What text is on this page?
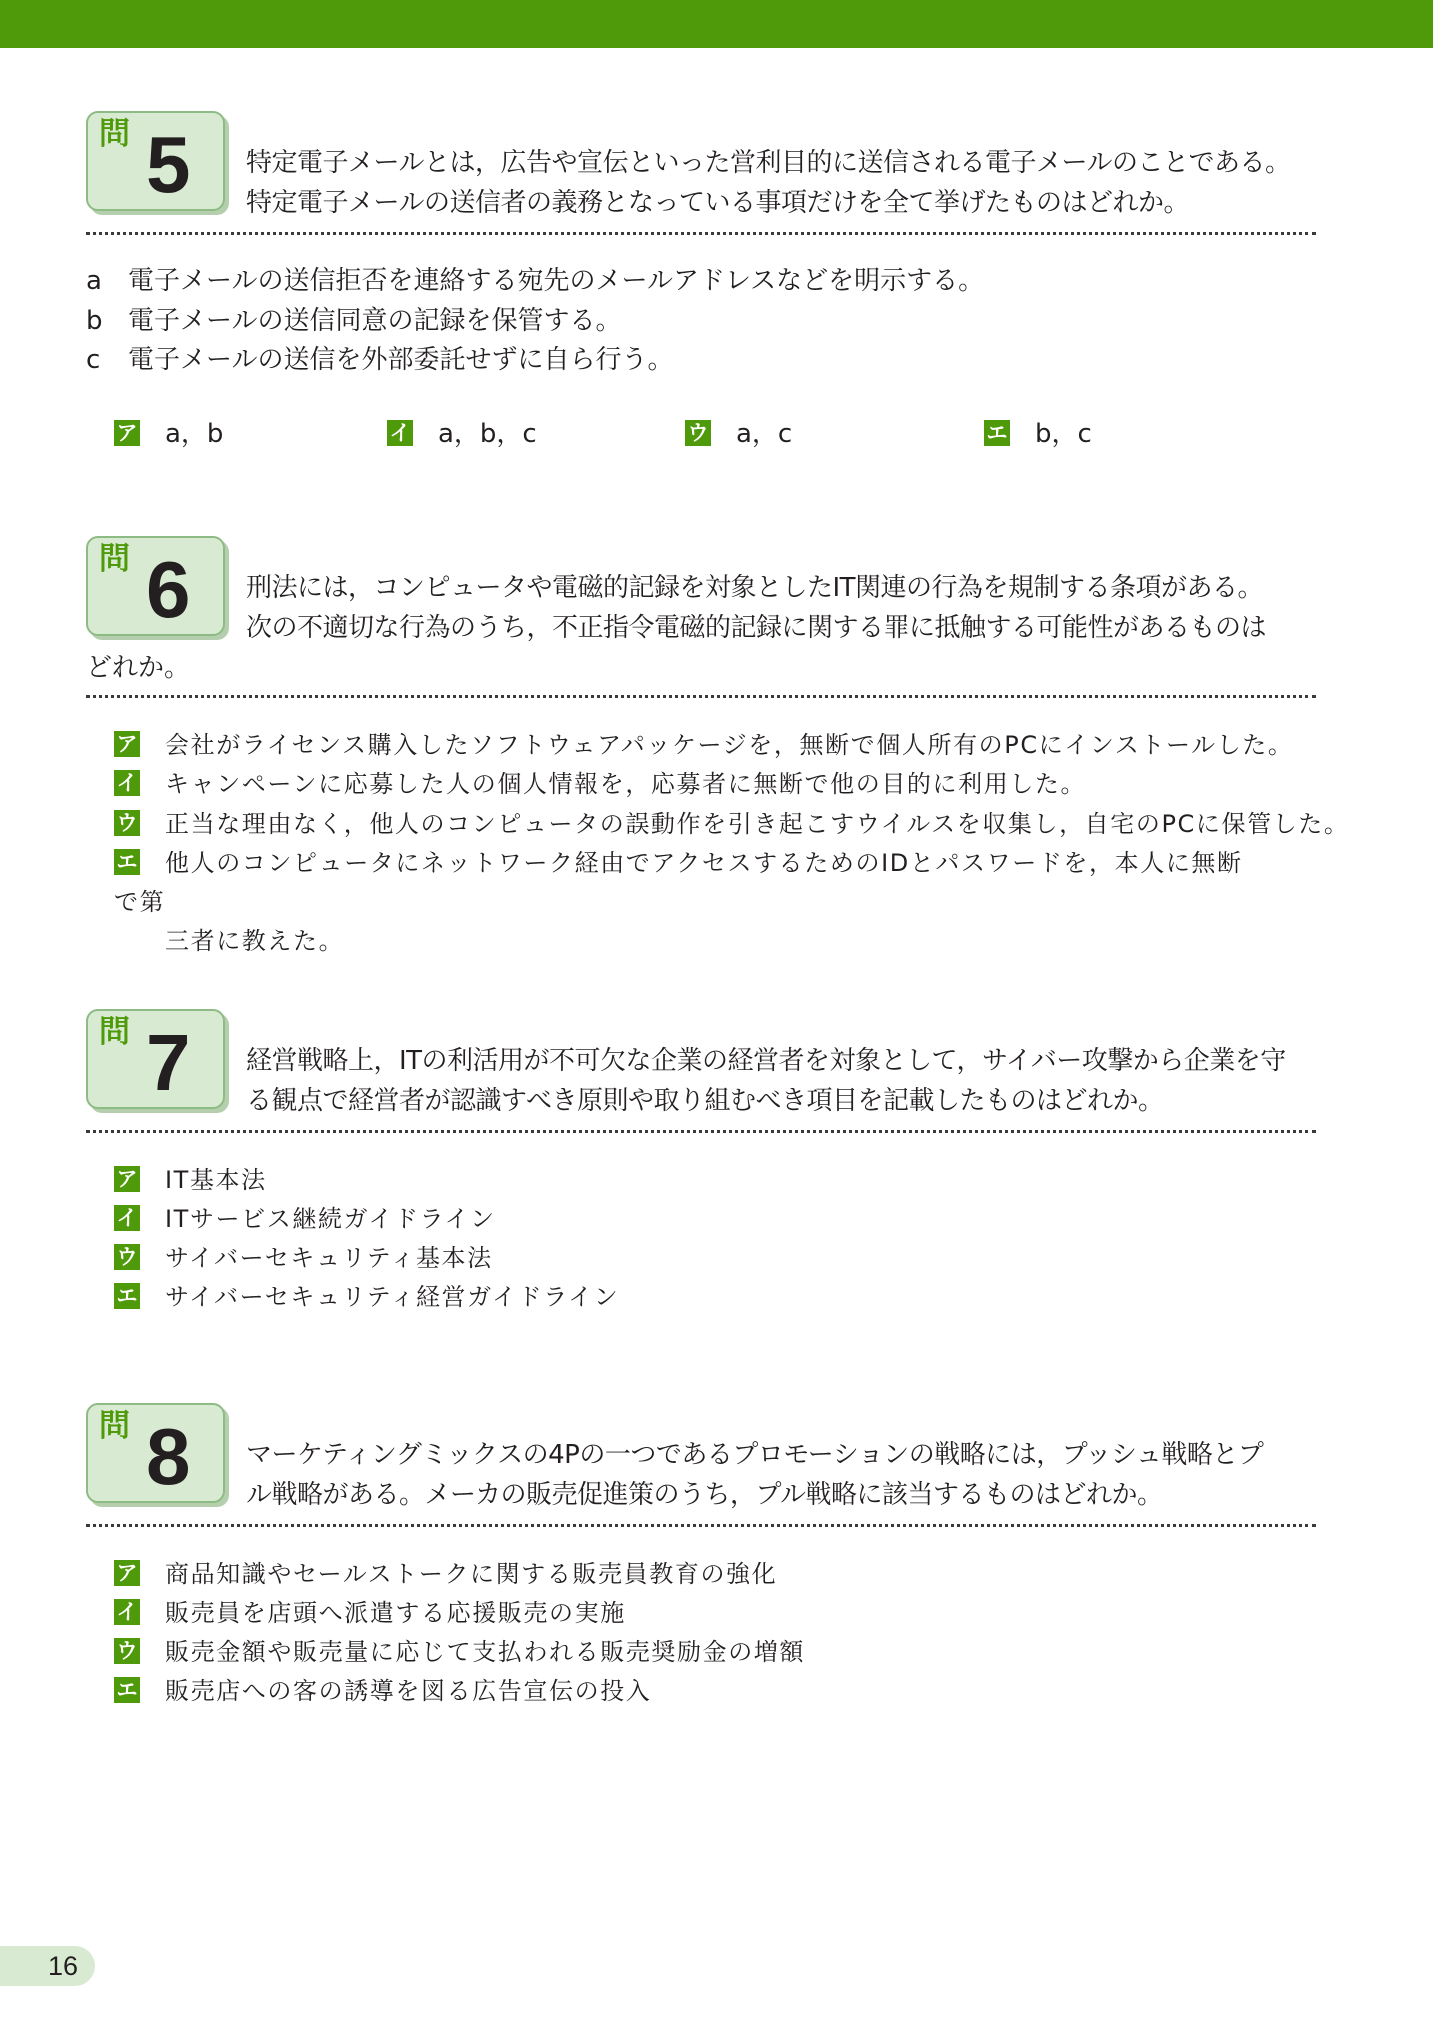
問 5 特定電子メールとは，広告や宣伝といった営利目的に送信される電子メールのことである。
特定電子メールの送信者の義務となっている事項だけを全て挙げたものはどれか。
a 電子メールの送信拒否を連絡する宛先のメールアドレスなどを明示する。
b 電子メールの送信同意の記録を保管する。
c 電子メールの送信を外部委託せずに自ら行う。
ア a，b	イ a，b，c	ウ a，c	エ b，c
問 6 刑法には，コンピュータや電磁的記録を対象としたIT関連の行為を規制する条項がある。
次の不適切な行為のうち，不正指令電磁的記録に関する罪に抵触する可能性があるものは
どれか。
ア 会社がライセンス購入したソフトウェアパッケージを，無断で個人所有のPCにインストールした。
イ キャンペーンに応募した人の個人情報を，応募者に無断で他の目的に利用した。
ウ 正当な理由なく，他人のコンピュータの誤動作を引き起こすウイルスを収集し，自宅のPCに保管した。
エ 他人のコンピュータにネットワーク経由でアクセスするためのIDとパスワードを，本人に無断で第
三者に教えた。
問 7 経営戦略上，ITの利活用が不可欠な企業の経営者を対象として，サイバー攻撃から企業を守
る観点で経営者が認識すべき原則や取り組むべき項目を記載したものはどれか。
ア IT基本法
イ ITサービス継続ガイドライン
ウ サイバーセキュリティ基本法
エ サイバーセキュリティ経営ガイドライン
問 8 マーケティングミックスの4Pの一つであるプロモーションの戦略には，プッシュ戦略とプ
ル戦略がある。メーカの販売促進策のうち，プル戦略に該当するものはどれか。
ア 商品知識やセールストークに関する販売員教育の強化
イ 販売員を店頭へ派遣する応援販売の実施
ウ 販売金額や販売量に応じて支払われる販売奨励金の増額
エ 販売店への客の誘導を図る広告宣伝の投入
16
